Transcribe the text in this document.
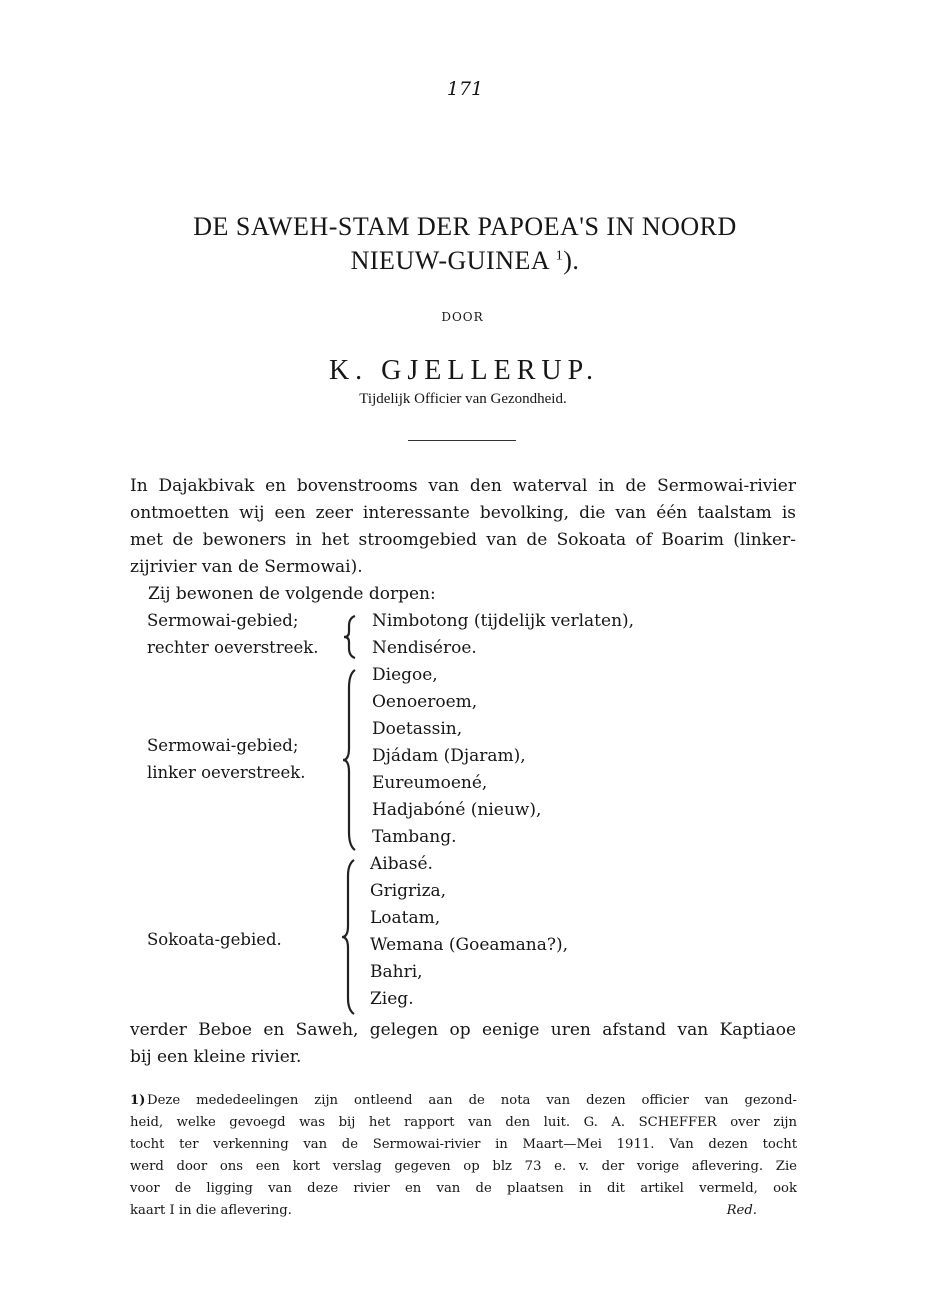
171
DE SAWEH-STAM DER PAPOEA'S IN NOORD
NIEUW-GUINEA $^1$).
DOOR
K. GJELLERUP.
Tijdelijk Officier van Gezondheid.
In Dajakbivak en bovenstrooms van den waterval in de Sermowai-rivier
ontmoetten wij een zeer interessante bevolking, die van één taalstam is
met de bewoners in het stroomgebied van de Sokoata of Boarim (linker-
zijrivier van de Sermowai).
Zij bewonen de volgende dorpen:
Sermowai-gebied;
rechter oeverstreek.
Nimbotong (tijdelijk verlaten),
Nendiséroe.
Sermowai-gebied;
linker oeverstreek.
Diegoe,
Oenoeroem,
Doetassin,
Djádam (Djaram),
Eureumoené,
Hadjabóné (nieuw),
Tambang.
Sokoata-gebied.
Aibasé.
Grigriza,
Loatam,
Wemana (Goeamana?),
Bahri,
Zieg.
verder Beboe en Saweh, gelegen op eenige uren afstand van Kaptiaoe
bij een kleine rivier.
1) Deze mededeelingen zijn ontleend aan de nota van dezen officier van gezond-
heid, welke gevoegd was bij het rapport van den luit. G. A. SCHEFFER over zijn
tocht ter verkenning van de Sermowai-rivier in Maart—Mei 1911. Van dezen tocht
werd door ons een kort verslag gegeven op blz 73 e. v. der vorige aflevering. Zie
voor de ligging van deze rivier en van de plaatsen in dit artikel vermeld, ook
kaart I in die aflevering.	Red.
